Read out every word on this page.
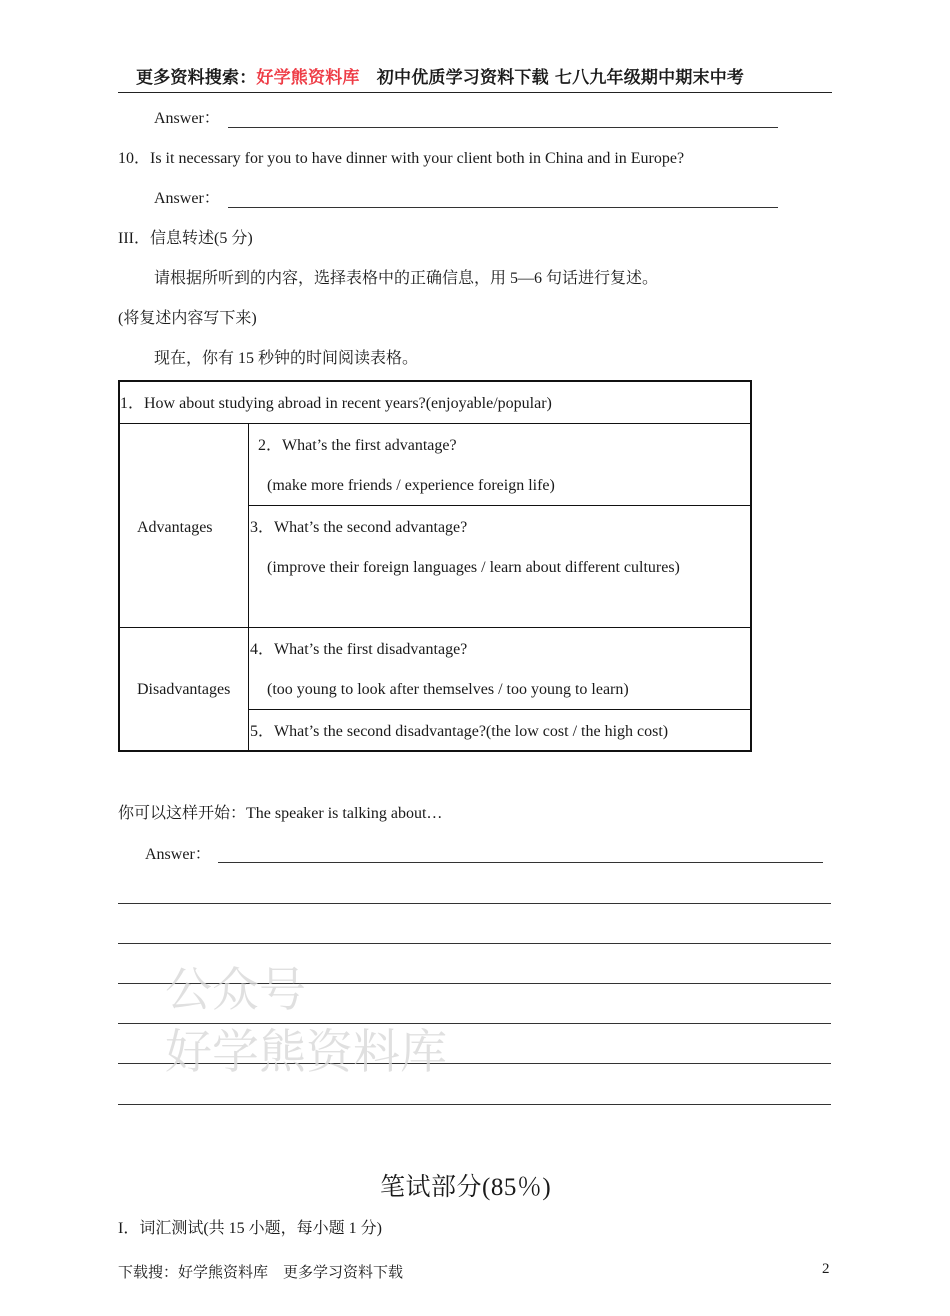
更多资料搜索：好学熊资料库　初中优质学习资料下载 七八九年级期中期末中考
Answer：
10．Is it necessary for you to have dinner with your client both in China and in Europe?
Answer：
III．信息转述(5 分)
请根据所听到的内容，选择表格中的正确信息，用 5—6 句话进行复述。
(将复述内容写下来)
现在，你有 15 秒钟的时间阅读表格。
1．How about studying abroad in recent years?(enjoyable/popular)
Advantages
2．What’s the first advantage?
(make more friends / experience foreign life)
3．What’s the second advantage?
(improve their foreign languages / learn about different cultures)
Disadvantages
4．What’s the first disadvantage?
(too young to look after themselves / too young to learn)
5．What’s the second disadvantage?(the low cost / the high cost)
你可以这样开始：The speaker is talking about…
Answer：
公众号
好学熊资料库
笔试部分(85％)
I．词汇测试(共 15 小题，每小题 1 分)
下载搜：好学熊资料库　更多学习资料下载	2
